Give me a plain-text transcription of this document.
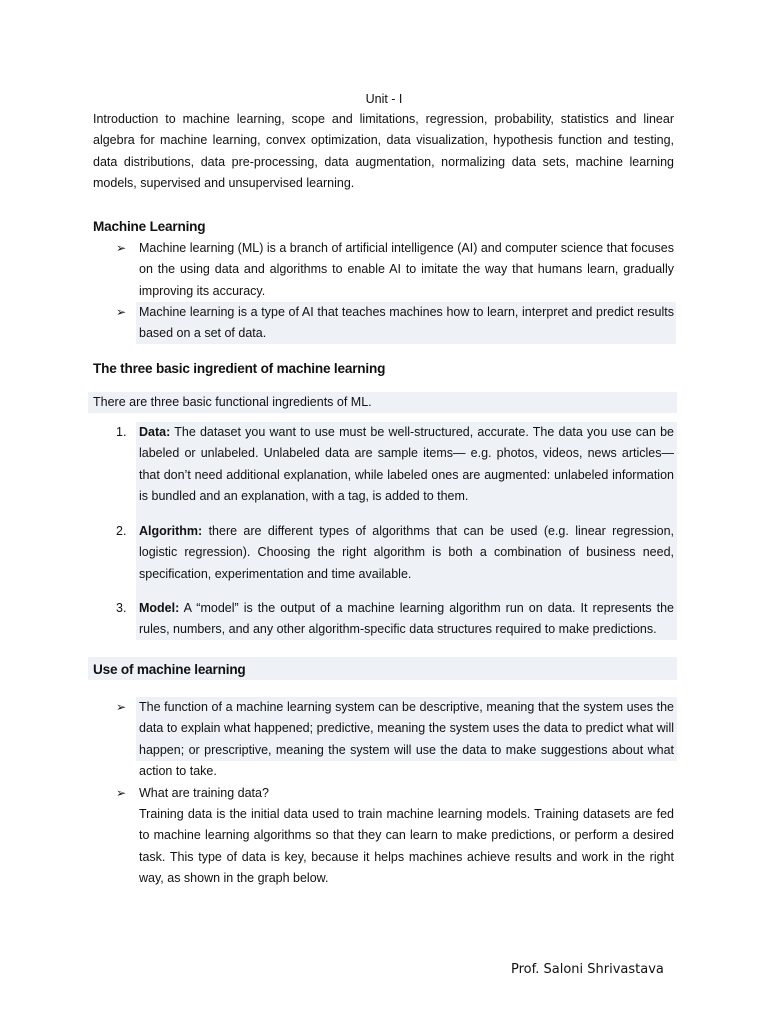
Unit - I

Introduction to machine learning, scope and limitations, regression, probability, statistics and linear algebra for machine learning, convex optimization, data visualization, hypothesis function and testing, data distributions, data pre-processing, data augmentation, normalizing data sets, machine learning models, supervised and unsupervised learning.

Machine Learning
➢ Machine learning (ML) is a branch of artificial intelligence (AI) and computer science that focuses on the using data and algorithms to enable AI to imitate the way that humans learn, gradually improving its accuracy.

➢ Machine learning is a type of AI that teaches machines how to learn, interpret and predict results based on a set of data.

The three basic ingredient of machine learning

There are three basic functional ingredients of ML.

1. Data: The dataset you want to use must be well-structured, accurate. The data you use can be labeled or unlabeled. Unlabeled data are sample items— e.g. photos, videos, news articles—that don’t need additional explanation, while labeled ones are augmented: unlabeled information is bundled and an explanation, with a tag, is added to them.

2. Algorithm: there are different types of algorithms that can be used (e.g. linear regression, logistic regression). Choosing the right algorithm is both a combination of business need, specification, experimentation and time available.

3. Model: A “model” is the output of a machine learning algorithm run on data. It represents the rules, numbers, and any other algorithm-specific data structures required to make predictions.

Use of machine learning
➢ The function of a machine learning system can be descriptive, meaning that the system uses the data to explain what happened; predictive, meaning the system uses the data to predict what will happen; or prescriptive, meaning the system will use the data to make suggestions about what action to take.

➢ What are training data?

Training data is the initial data used to train machine learning models. Training datasets are fed to machine learning algorithms so that they can learn to make predictions, or perform a desired task. This type of data is key, because it helps machines achieve results and work in the right way, as shown in the graph below.

Prof. Saloni Shrivastava
